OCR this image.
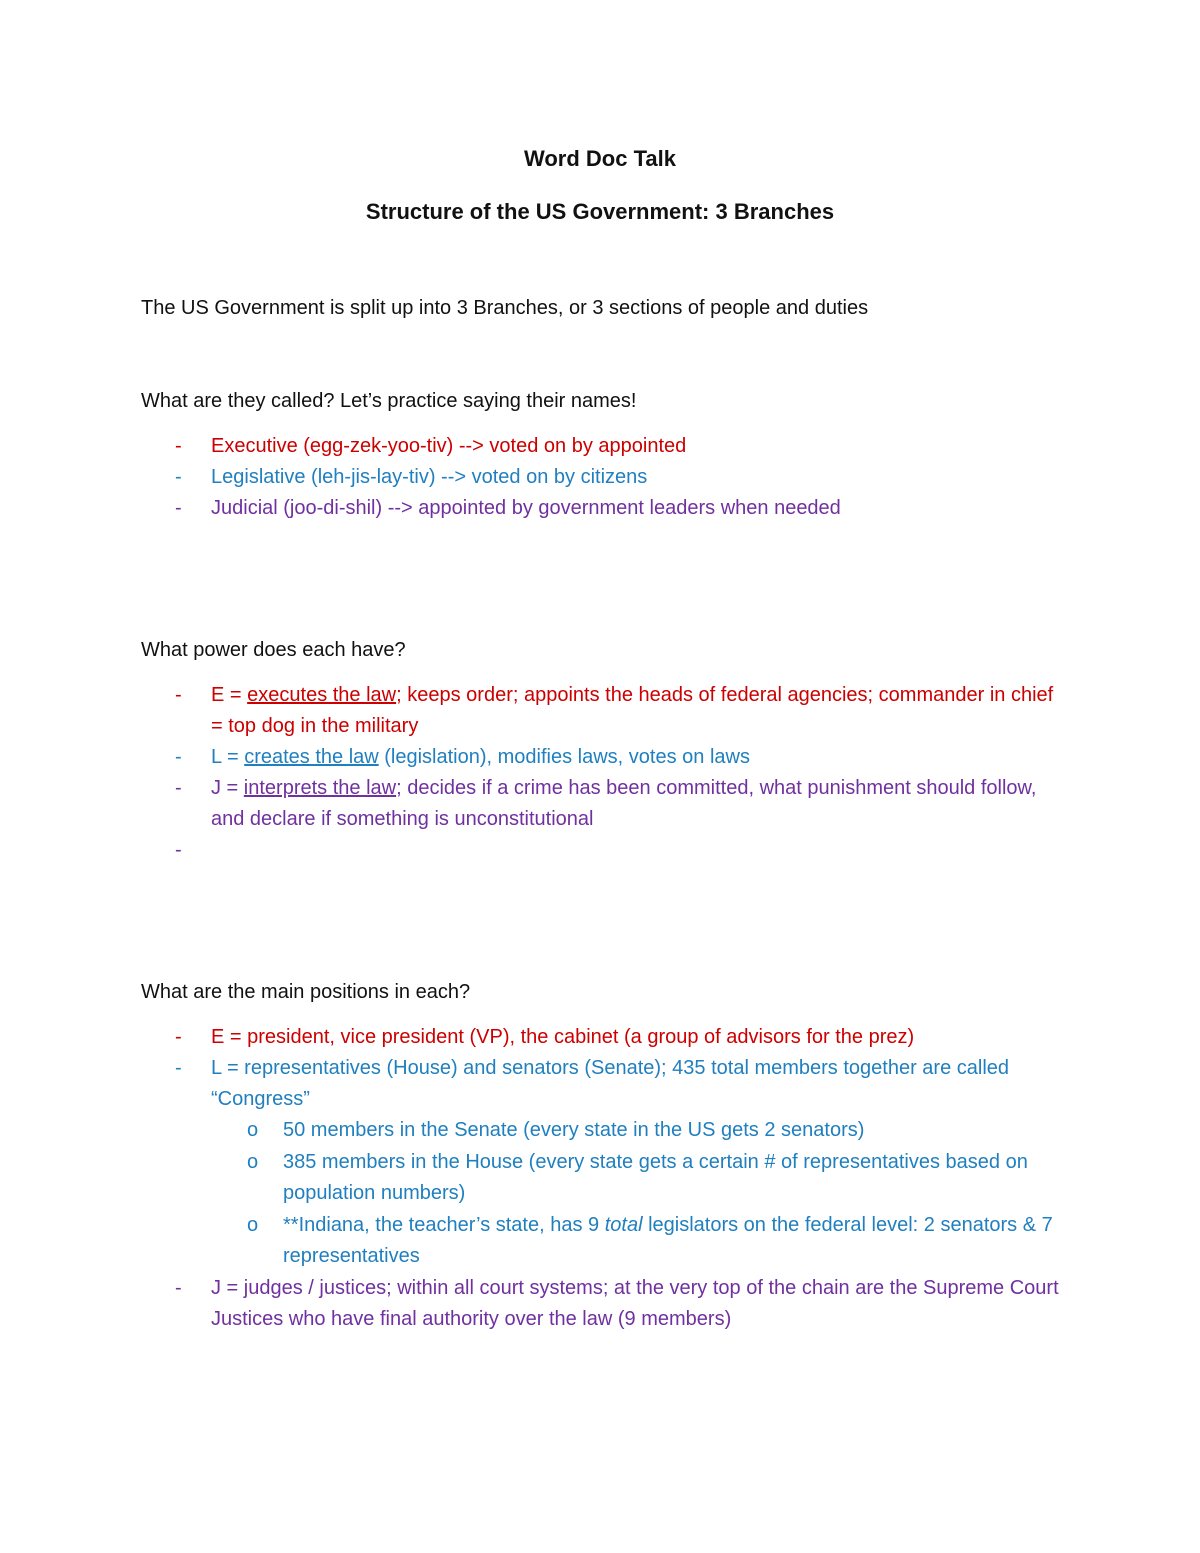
Word Doc Talk
Structure of the US Government: 3 Branches
The US Government is split up into 3 Branches, or 3 sections of people and duties
What are they called? Let’s practice saying their names!
- Executive (egg-zek-yoo-tiv) --> voted on by appointed
- Legislative (leh-jis-lay-tiv) --> voted on by citizens
- Judicial (joo-di-shil) --> appointed by government leaders when needed
What power does each have?
- E = executes the law; keeps order; appoints the heads of federal agencies; commander in chief = top dog in the military
- L = creates the law (legislation), modifies laws, votes on laws
- J = interprets the law; decides if a crime has been committed, what punishment should follow, and declare if something is unconstitutional
-
What are the main positions in each?
- E = president, vice president (VP), the cabinet (a group of advisors for the prez)
- L = representatives (House) and senators (Senate); 435 total members together are called “Congress”
o 50 members in the Senate (every state in the US gets 2 senators)
o 385 members in the House (every state gets a certain # of representatives based on population numbers)
o **Indiana, the teacher’s state, has 9 total legislators on the federal level: 2 senators & 7 representatives
- J = judges / justices; within all court systems; at the very top of the chain are the Supreme Court Justices who have final authority over the law (9 members)
